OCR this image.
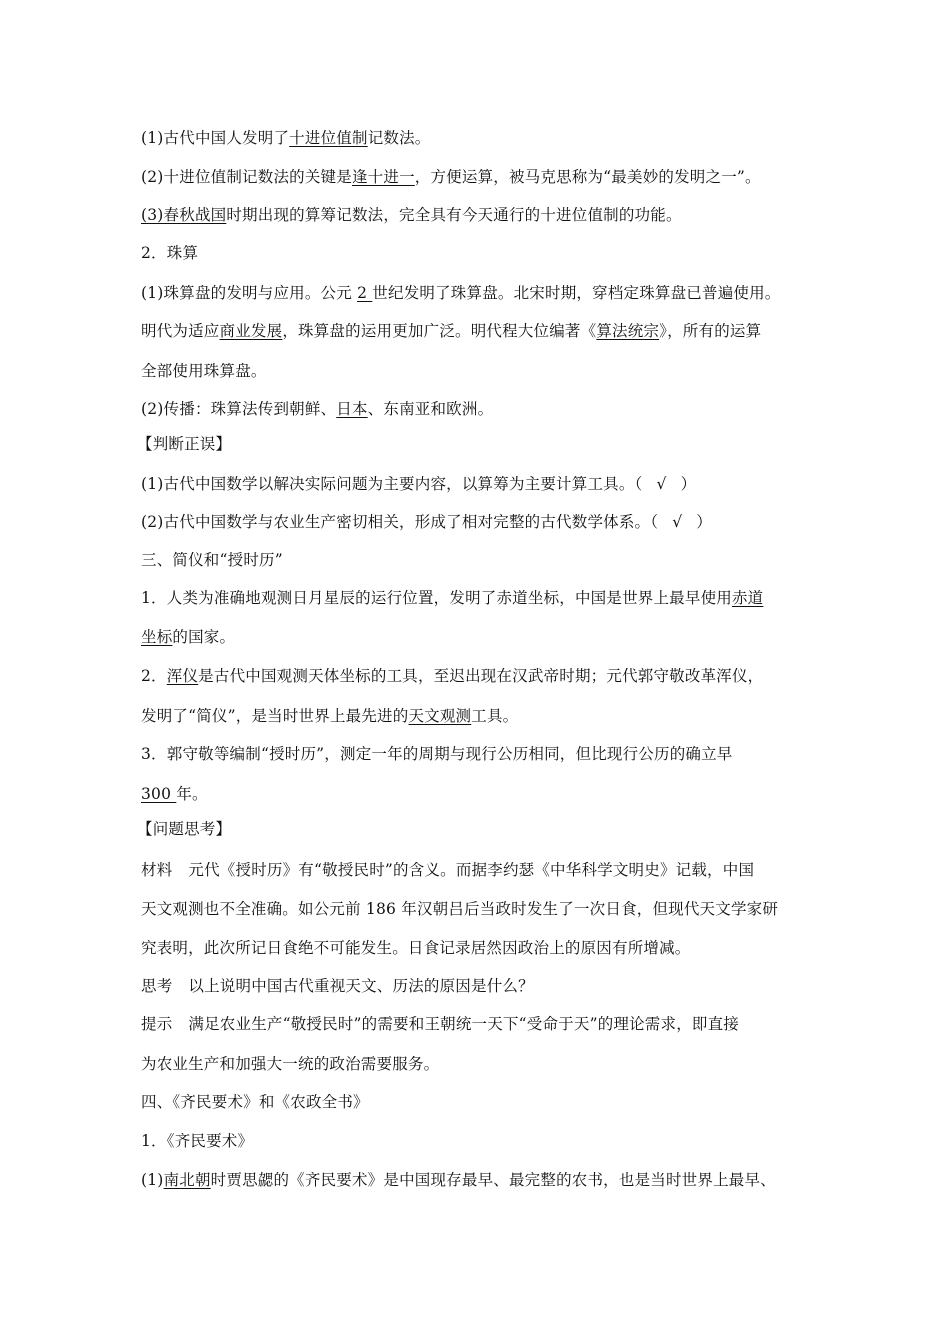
(1)古代中国人发明了十进位值制记数法。
(2)十进位值制记数法的关键是逢十进一，方便运算，被马克思称为“最美妙的发明之一”。
(3)春秋战国时期出现的算筹记数法，完全具有今天通行的十进位值制的功能。
2．珠算
(1)珠算盘的发明与应用。公元 2 世纪发明了珠算盘。北宋时期，穿档定珠算盘已普遍使用。
明代为适应商业发展，珠算盘的运用更加广泛。明代程大位编著《算法统宗》，所有的运算
全部使用珠算盘。
(2)传播：珠算法传到朝鲜、日本、东南亚和欧洲。
【判断正误】
(1)古代中国数学以解决实际问题为主要内容，以算筹为主要计算工具。（ √ ）
(2)古代中国数学与农业生产密切相关，形成了相对完整的古代数学体系。（ √ ）
三、简仪和“授时历”
1．人类为准确地观测日月星辰的运行位置，发明了赤道坐标，中国是世界上最早使用赤道
坐标的国家。
2．浑仪是古代中国观测天体坐标的工具，至迟出现在汉武帝时期；元代郭守敬改革浑仪，
发明了“简仪”，是当时世界上最先进的天文观测工具。
3．郭守敬等编制“授时历”，测定一年的周期与现行公历相同，但比现行公历的确立早
300 年。
【问题思考】
材料 元代《授时历》有“敬授民时”的含义。而据李约瑟《中华科学文明史》记载，中国
天文观测也不全准确。如公元前 186 年汉朝吕后当政时发生了一次日食，但现代天文学家研
究表明，此次所记日食绝不可能发生。日食记录居然因政治上的原因有所增减。
思考 以上说明中国古代重视天文、历法的原因是什么？
提示 满足农业生产“敬授民时”的需要和王朝统一天下“受命于天”的理论需求，即直接
为农业生产和加强大一统的政治需要服务。
四、《齐民要术》和《农政全书》
1．《齐民要术》
(1)南北朝时贾思勰的《齐民要术》是中国现存最早、最完整的农书，也是当时世界上最早、
